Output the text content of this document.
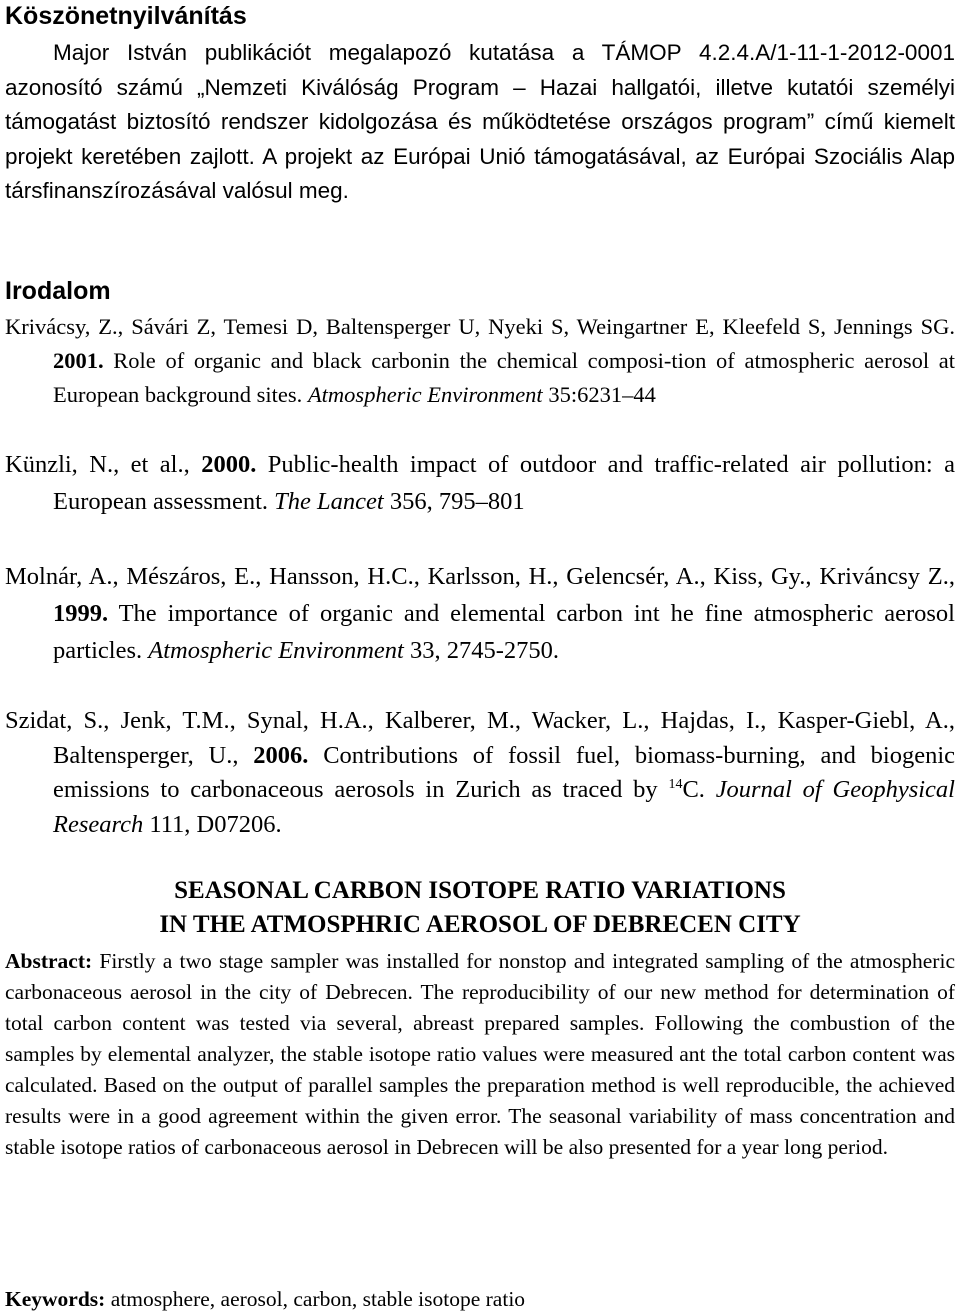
Köszönetnyilvánítás

Major István publikációt megalapozó kutatása a TÁMOP 4.2.4.A/1-11-1-2012-0001 azonosító számú „Nemzeti Kiválóság Program – Hazai hallgatói, illetve kutatói személyi támogatást biztosító rendszer kidolgozása és működtetése országos program” című kiemelt projekt keretében zajlott. A projekt az Európai Unió támogatásával, az Európai Szociális Alap társfinanszírozásával valósul meg.

Irodalom

Krivácsy, Z., Sávári Z, Temesi D, Baltensperger U, Nyeki S, Weingartner E, Kleefeld S, Jennings SG. 2001. Role of organic and black carbonin the chemical composi-tion of atmospheric aerosol at European background sites. Atmospheric Environment 35:6231–44

Künzli, N., et al., 2000. Public-health impact of outdoor and traffic-related air pollution: a European assessment. The Lancet 356, 795–801

Molnár, A., Mészáros, E., Hansson, H.C., Karlsson, H., Gelencsér, A., Kiss, Gy., Kriváncsy Z., 1999. The importance of organic and elemental carbon int he fine atmospheric aerosol particles. Atmospheric Environment 33, 2745-2750.

Szidat, S., Jenk, T.M., Synal, H.A., Kalberer, M., Wacker, L., Hajdas, I., Kasper-Giebl, A., Baltensperger, U., 2006. Contributions of fossil fuel, biomass-burning, and biogenic emissions to carbonaceous aerosols in Zurich as traced by $^{14}$C. Journal of Geophysical Research 111, D07206.

SEASONAL CARBON ISOTOPE RATIO VARIATIONS
IN THE ATMOSPHRIC AEROSOL OF DEBRECEN CITY

Abstract: Firstly a two stage sampler was installed for nonstop and integrated sampling of the atmospheric carbonaceous aerosol in the city of Debrecen. The reproducibility of our new method for determination of total carbon content was tested via several, abreast prepared samples. Following the combustion of the samples by elemental analyzer, the stable isotope ratio values were measured ant the total carbon content was calculated. Based on the output of parallel samples the preparation method is well reproducible, the achieved results were in a good agreement within the given error. The seasonal variability of mass concentration and stable isotope ratios of carbonaceous aerosol in Debrecen will be also presented for a year long period.

Keywords: atmosphere, aerosol, carbon, stable isotope ratio
